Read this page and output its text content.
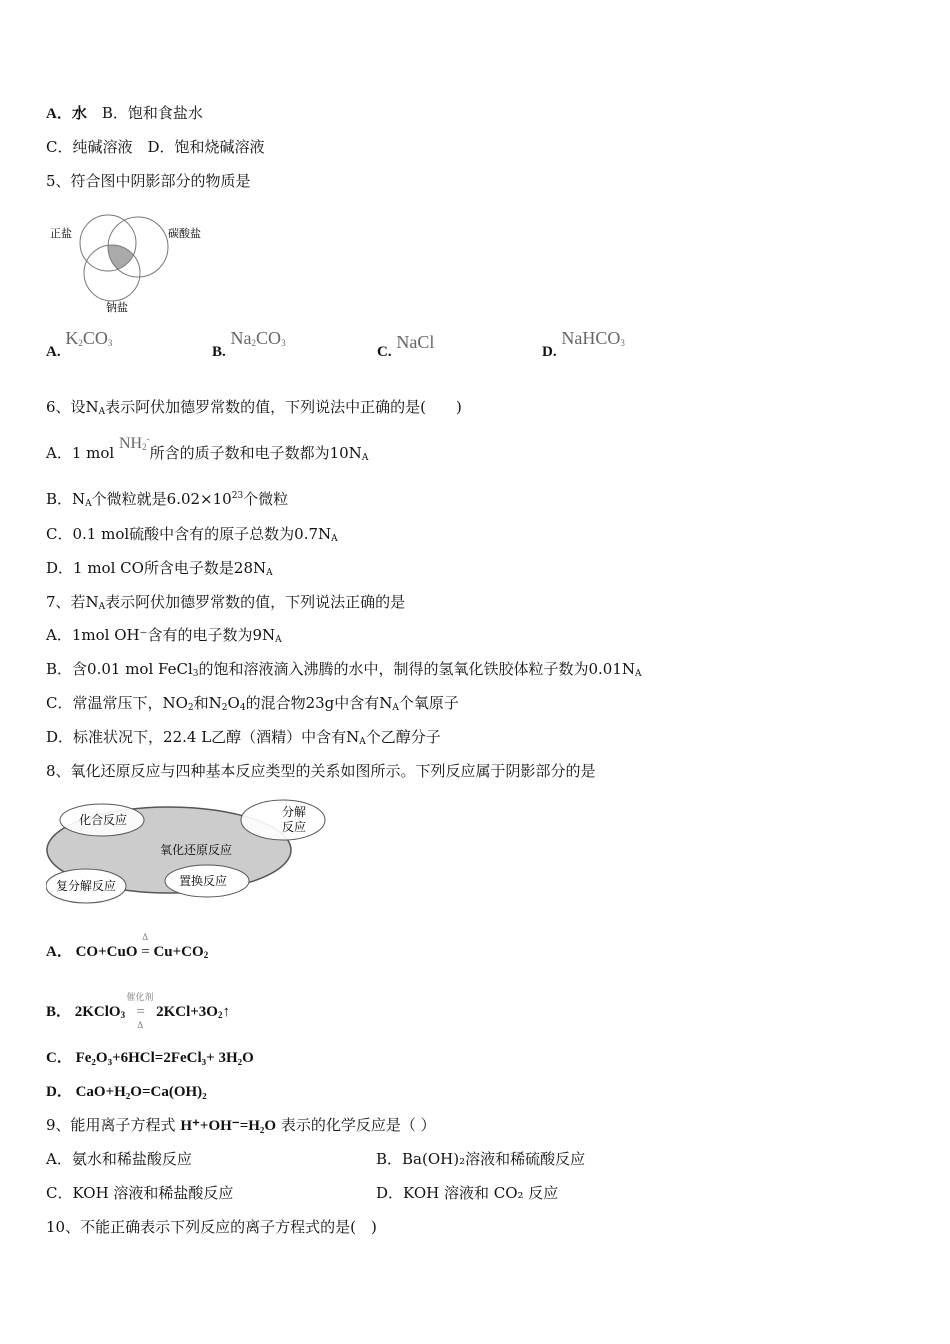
A．水　 B．饱和食盐水
C．纯碱溶液　 D．饱和烧碱溶液
5、符合图中阴影部分的物质是
正盐	碳酸盐
钠盐
A. $K_2CO_3$
B. $Na_2CO_3$
C. NaCl	D. NaHCO$_3$
6、设$N_A$表示阿伏加德罗常数的值，下列说法中正确的是(　　)
A．1 mol $NH_2^-$所含的质子数和电子数都为$10N_A$
B．$N_A$个微粒就是$6.02\times 10^{23}$个微粒
C．0.1 mol硫酸中含有的原子总数为$0.7N_A$
D．1 mol CO所含电子数是$28N_A$
7、若$N_A$表示阿伏加德罗常数的值，下列说法正确的是
A．1mol OH⁻含有的电子数为$9N_A$
B．含0.01 mol FeCl$_3$的饱和溶液滴入沸腾的水中，制得的氢氧化铁胶体粒子数为$0.01N_A$
C．常温常压下，$NO_2$和$N_2O_4$的混合物23g中含有$N_A$个氧原子
D．标准状况下，22.4 L乙醇（酒精）中含有$N_A$个乙醇分子
8、氧化还原反应与四种基本反应类型的关系如图所示。下列反应属于阴影部分的是
化合反应
分解
反应
氧化还原反应
置换反应
复分解反应
A． CO+CuO
Δ
= $Cu+CO_2$
B． 2KClO$_3$
催化剂
=
Δ
$2KCl+3O_2↑$
C． Fe₂O₃+6HCl=2FeCl₃+ 3H₂O
D． CaO+H₂O=Ca(OH)₂
9、能用离子方程式 H⁺+OH⁻=H₂O 表示的化学反应是（ ）
A．氨水和稀盐酸反应	B．Ba(OH)₂溶液和稀硫酸反应
C．KOH 溶液和稀盐酸反应	D．KOH 溶液和 CO₂ 反应
10、不能正确表示下列反应的离子方程式的是(　)
